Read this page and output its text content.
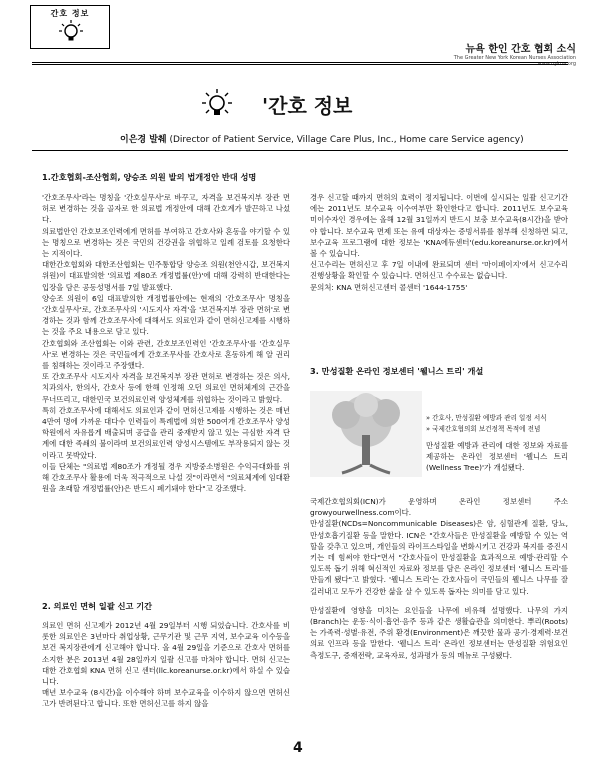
간호 정보
뉴욕 한인 간호 협회 소식
The Greater New York Korean Nurses Association
www.nykna.org
'간호 정보
이은경 발췌 (Director of Patient Service, Village Care Plus, Inc., Home care Service agency)
1.간호협회-조산협회, 양승조 의원 발의 법개정안 반대 성명

'간호조무사'라는 명칭을 '간호실무사'로 바꾸고, 자격을 보건복지부 장관 면허로 변경하는 것을 골자로 한 의료법 개정안에 대해 간호계가 발끈하고 나섰다.

의료법안인 간호보조인력에게 면허를 부여하고 간호사와 혼동을 야기할 수 있는 명칭으로 변경하는 것은 국민의 건강권을 위협하고 일례 검토를 요청한다는 지적이다.

대한간호협회와 대한조산협회는 민주통합당 양승조 의원(천안시갑, 보건복지위원)이 대표발의한 '의료법 제80조 개정법률(안)'에 대해 강력히 반대한다는 입장을 담은 공동성명서를 7일 발표했다.

양승조 의원이 6일 대표발의한 개정법률안에는 현재의 '간호조무사' 명칭을 '간호실무사'로, 간호조무사의 '시도지사 자격'을 '보건복지부 장관 면허'로 변경하는 것과 함께 간호조무사에 대해서도 의료인과 같이 면허신고제를 시행하는 것을 주요 내용으로 담고 있다.

간호협회와 조산협회는 이와 관련, 간호보조인력인 '간호조무사'를 '간호실무사'로 변경하는 것은 국민들에게 간호조무사를 간호사로 혼동하게 해 알 권리를 침해하는 것이라고 주장했다.

또 간호조무사 시도지사 자격을 보건복지부 장관 면허로 변경하는 것은 의사, 치과의사, 한의사, 간호사 등에 한해 인정해 오던 의료인 면허체계의 근간을 무너뜨리고, 대한민국 보건의료인력 양성체계를 위협하는 것이라고 밝혔다.

특히 간호조무사에 대해서도 의료인과 같이 면허신고제를 시행하는 것은 매년 4만여 명에 가까운 대다수 인력들이 특례법에 의한 500여개 간호조무사 양성학원에서 자유롭게 배출되며 공급을 관리 중재받지 않고 있는 극심한 자격 단계에 대한 족쇄의 불이라며 보건의료인력 양성시스템에도 부작용되지 않는 것이라고 못박았다.

이들 단체는 "의료법 제80조가 개정될 경우 지방중소병원은 수익극대화를 위해 간호조무사 활용에 더욱 적극적으로 나설 것"이라면서 "의료체계에 임대환원을 초래할 개정법률(안)은 반드시 폐기돼야 한다"고 강조했다.

2. 의료인 면허 일괄 신고 기간

의료인 면허 신고제가 2012년 4월 29일부터 시행 되었습니다. 간호사를 비롯한 의료인은 3년마다 취업상황, 근무기관 및 근무 지역, 보수교육 이수등을 보건 복지장관에게 신고해야 합니다. 올 4월 29일을 기준으로 간호사 면허를 소지한 분은 2013년 4월 28일까지 일괄 신고를 마쳐야 합니다. 면허 신고는 대한 간호협회 KNA 면허 신고 센터(llc.koreanurse.or.kr)에서 하실 수 있습니다.

매년 보수교육 (8시간)을 이수해야 하며 보수교육을 이수하지 않으면 면허신고가 반려된다고 합니다. 또한 면허신고를 하지 않을

경우 신고할 때까지 면허의 효력이 정지됩니다. 이번에 실시되는 일괄 신고기간에는 2011년도 보수교육 이수여부만 확인한다고 합니다. 2011년도 보수교육 미이수자인 경우에는 올해 12월 31일까지 반드시 보충 보수교육(8시간)을 받아야 합니다. 보수교육 면제 또는 유예 대상자는 증빙서류를 첨부해 신청하면 되고, 보수교육 프로그램에 대한 정보는 'KNA에듀센터'(edu.koreanurse.or.kr)에서 볼 수 있습니다.

신고수리는 면허신고 후 7일 이내에 완료되며 센터 '마이페이지'에서 신고수리 진행상황을 확인할 수 있습니다. 면허신고 수수료는 없습니다.

문의처: KNA 면허신고센터 콜센터 '1644-1755'

3. 만성질환 온라인 정보센터 '웰니스 트리' 개설
» 간호사, 만성질환 예방과 관리 일정 서식
» 국제간호협의회 보건정책 목적에 전념

만성질환 예방과 관리에 대한 정보와 자료를 제공하는 온라인 정보센터 '웰니스 트리(Wellness Tree)'가 개설됐다.

국제간호협의회(ICN)가 운영하며 온라인 정보센터 주소 growyourwellness.com이다.

만성질환(NCDs=Noncommunicable Diseases)은 암, 심혈관계 질환, 당뇨, 만성호흡기질환 등을 말한다. ICN은 "간호사들은 만성질환을 예방할 수 있는 역할을 갖추고 있으며, 개인들의 라이프스타일을 변화시키고 건강과 복지를 증진시키는 데 힘써야 한다"면서 "간호사들이 만성질환을 효과적으로 예방·관리할 수 있도록 돕기 위해 혁신적인 자료와 정보를 담은 온라인 정보센터 '웰니스 트리'를 만들게 됐다"고 밝혔다. '웰니스 트리'는 간호사들이 국민들의 웰니스 나무를 잘 길러내고 모두가 건강한 삶을 살 수 있도록 돕자는 의미를 담고 있다.

만성질환에 영향을 미치는 요인들을 나무에 비유해 설명했다. 나무의 가지(Branch)는 운동·식이·흡연·음주 등과 같은 생활습관을 의미한다. 뿌리(Roots)는 가족력·성별·유전, 주위 환경(Environment)은 깨끗한 물과 공기·경제력·보건의료 인프라 등을 말한다. '웰니스 트리' 온라인 정보센터는 만성질환 위험요인 측정도구, 증재전략, 교육자료, 성과평가 등의 메뉴로 구성됐다.

4
